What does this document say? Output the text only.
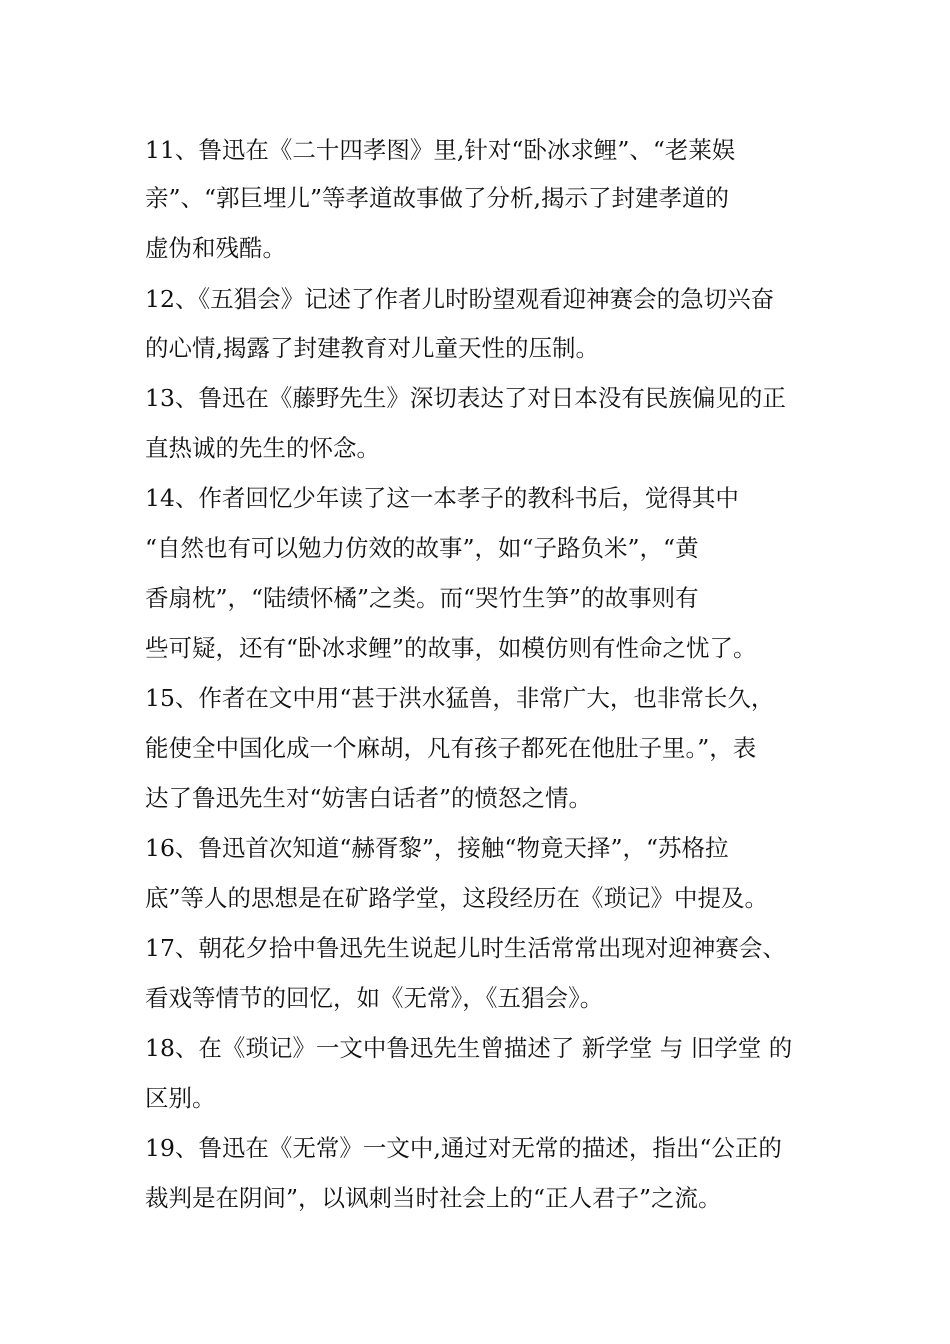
11、鲁迅在《二十四孝图》里,针对“卧冰求鲤”、“老莱娱
亲”、“郭巨埋儿”等孝道故事做了分析,揭示了封建孝道的
虚伪和残酷。
12、《五猖会》记述了作者儿时盼望观看迎神赛会的急切兴奋
的心情,揭露了封建教育对儿童天性的压制。
13、鲁迅在《藤野先生》深切表达了对日本没有民族偏见的正
直热诚的先生的怀念。
14、作者回忆少年读了这一本孝子的教科书后，觉得其中
“自然也有可以勉力仿效的故事”，如“子路负米”，“黄
香扇枕”，“陆绩怀橘”之类。而“哭竹生笋”的故事则有
些可疑，还有“卧冰求鲤”的故事，如模仿则有性命之忧了。
15、作者在文中用“甚于洪水猛兽，非常广大，也非常长久，
能使全中国化成一个麻胡，凡有孩子都死在他肚子里。”，表
达了鲁迅先生对“妨害白话者”的愤怒之情。
16、鲁迅首次知道“赫胥黎”，接触“物竟天择”，“苏格拉
底”等人的思想是在矿路学堂，这段经历在《琐记》中提及。
17、朝花夕拾中鲁迅先生说起儿时生活常常出现对迎神赛会、
看戏等情节的回忆，如《无常》，《五猖会》。
18、在《琐记》一文中鲁迅先生曾描述了 新学堂 与 旧学堂 的
区别。
19、鲁迅在《无常》一文中,通过对无常的描述，指出“公正的
裁判是在阴间”，以讽刺当时社会上的“正人君子”之流。
